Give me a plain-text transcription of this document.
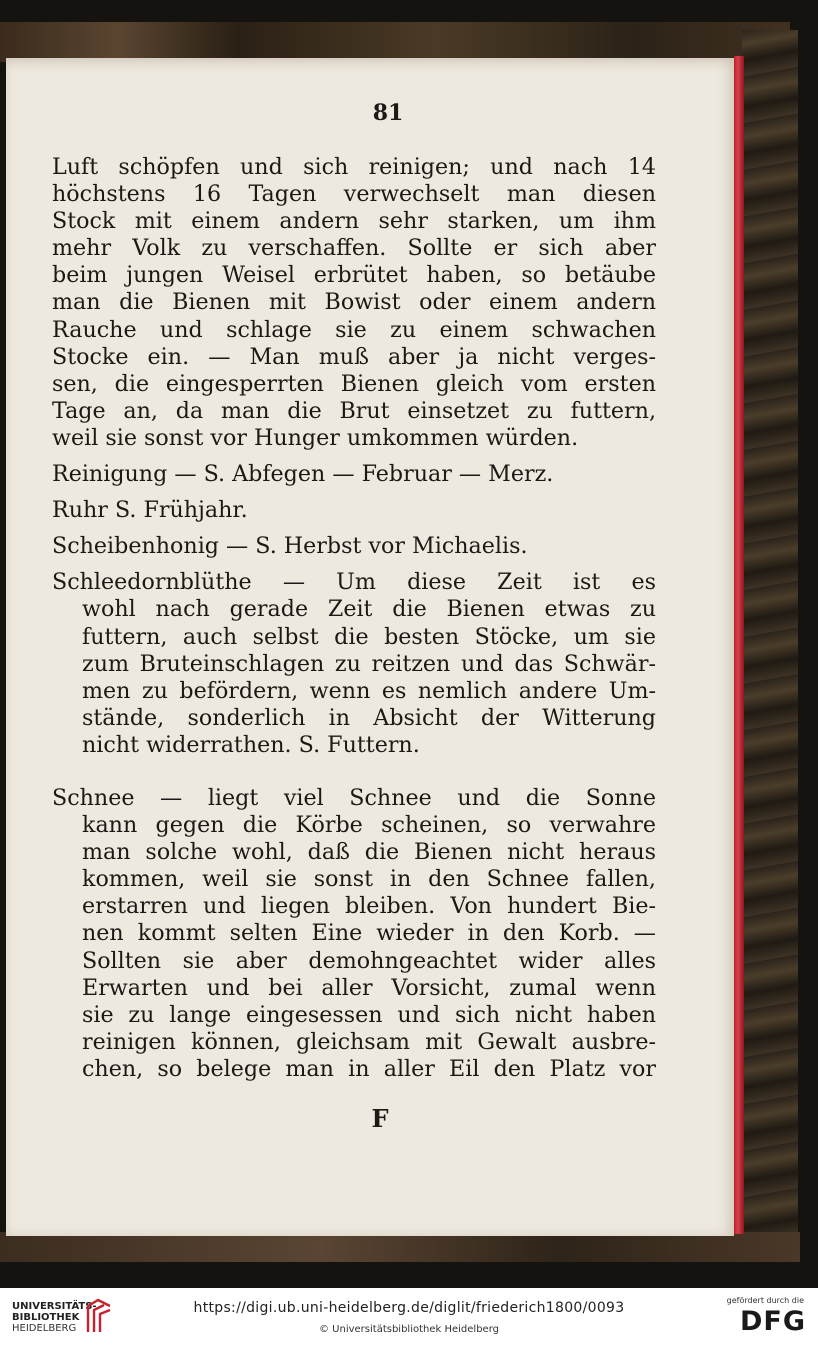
81
Luft schöpfen und sich reinigen; und nach 14
höchstens 16 Tagen verwechselt man diesen
Stock mit einem andern sehr starken, um ihm
mehr Volk zu verschaffen. Sollte er sich aber
beim jungen Weisel erbrütet haben, so betäube
man die Bienen mit Bowist oder einem andern
Rauche und schlage sie zu einem schwachen
Stocke ein. — Man muß aber ja nicht verges-
sen, die eingesperrten Bienen gleich vom ersten
Tage an, da man die Brut einsetzet zu futtern,
weil sie sonst vor Hunger umkommen würden.
Reinigung — S. Abfegen — Februar — Merz.
Ruhr S. Frühjahr.
Scheibenhonig — S. Herbst vor Michaelis.
Schleedornblüthe — Um diese Zeit ist es
wohl nach gerade Zeit die Bienen etwas zu
futtern, auch selbst die besten Stöcke, um sie
zum Bruteinschlagen zu reitzen und das Schwär-
men zu befördern, wenn es nemlich andere Um-
stände, sonderlich in Absicht der Witterung
nicht widerrathen. S. Futtern.
Schnee — liegt viel Schnee und die Sonne
kann gegen die Körbe scheinen, so verwahre
man solche wohl, daß die Bienen nicht heraus
kommen, weil sie sonst in den Schnee fallen,
erstarren und liegen bleiben. Von hundert Bie-
nen kommt selten Eine wieder in den Korb. —
Sollten sie aber demohngeachtet wider alles
Erwarten und bei aller Vorsicht, zumal wenn
sie zu lange eingesessen und sich nicht haben
reinigen können, gleichsam mit Gewalt ausbre-
chen, so belege man in aller Eil den Platz vor
F
UNIVERSITÄTS-
BIBLIOTHEK
HEIDELBERG
https://digi.ub.uni-heidelberg.de/diglit/friederich1800/0093
© Universitätsbibliothek Heidelberg
gefördert durch die
DFG
